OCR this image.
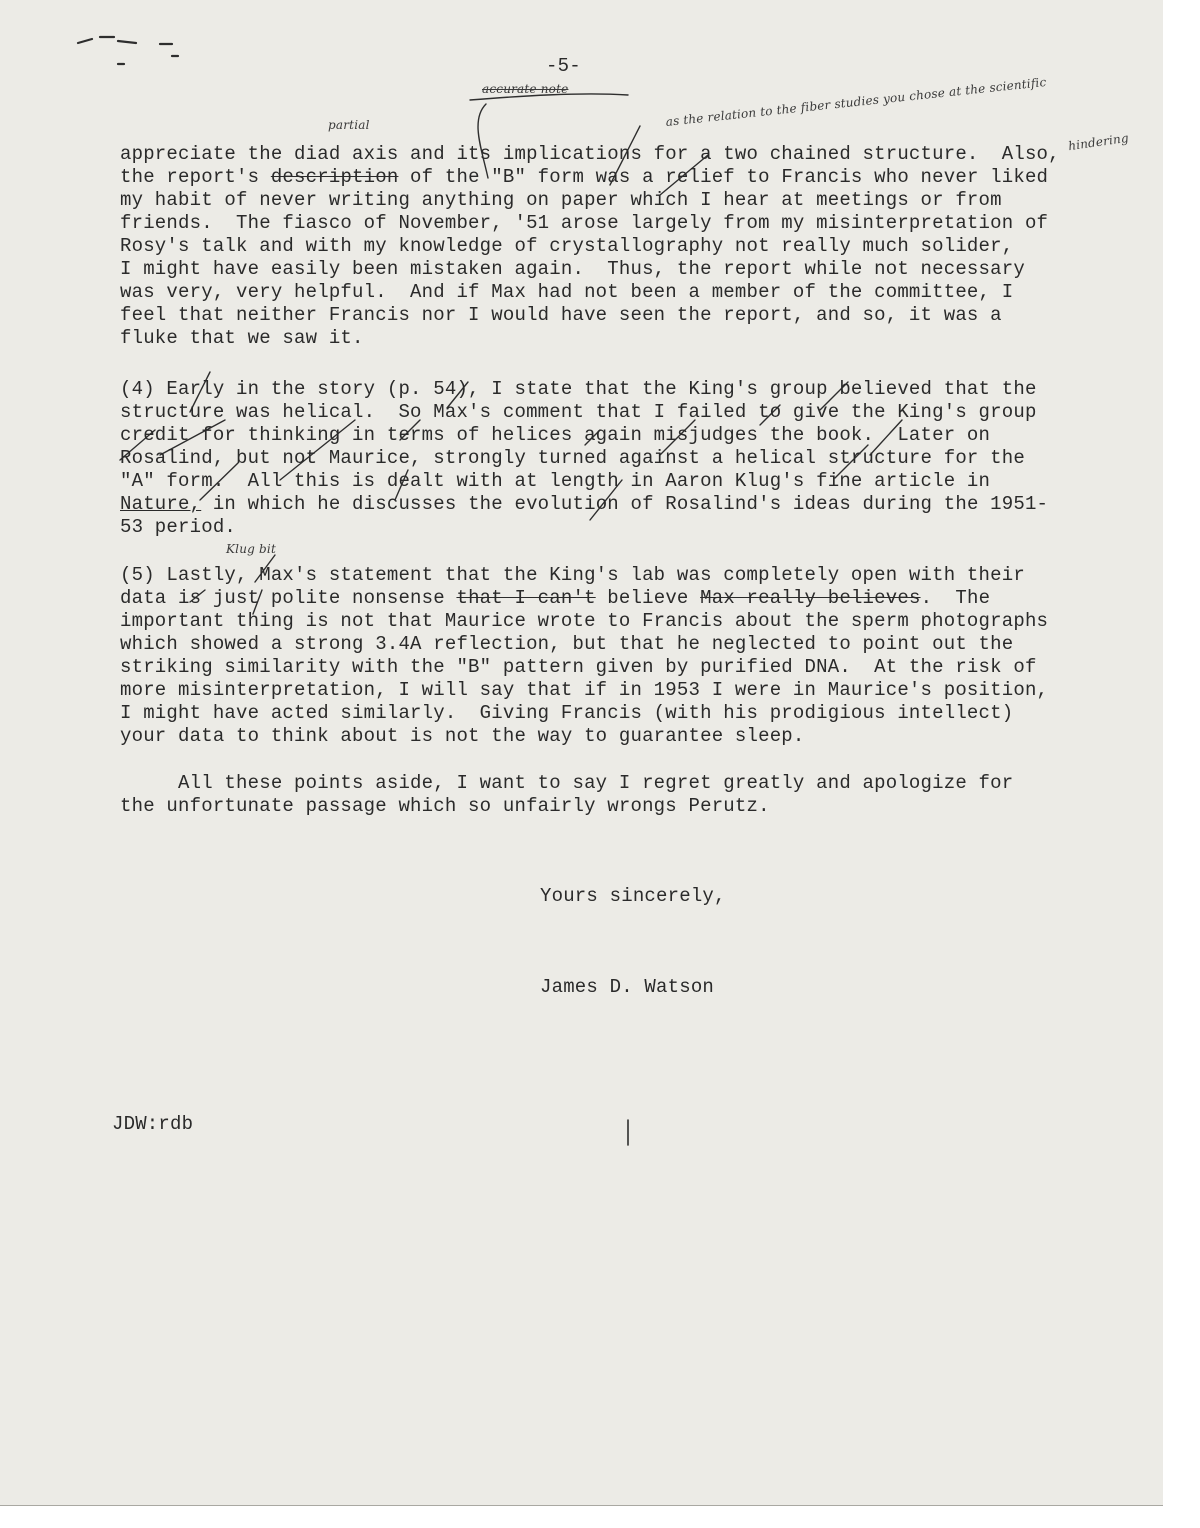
-5-
partial
accurate note	as the relation to the fiber studies you chose at the scientific
hindering
Klug bit
appreciate the diad axis and its implications for a two chained structure.  Also,
the report's description of the "B" form was a relief to Francis who never liked
my habit of never writing anything on paper which I hear at meetings or from
friends.  The fiasco of November, '51 arose largely from my misinterpretation of
Rosy's talk and with my knowledge of crystallography not really much solider,
I might have easily been mistaken again.  Thus, the report while not necessary
was very, very helpful.  And if Max had not been a member of the committee, I
feel that neither Francis nor I would have seen the report, and so, it was a
fluke that we saw it.
(4) Early in the story (p. 54), I state that the King's group believed that the
structure was helical.  So Max's comment that I failed to give the King's group
credit for thinking in terms of helices again misjudges the book.  Later on
Rosalind, but not Maurice, strongly turned against a helical structure for the
"A" form.  All this is dealt with at length in Aaron Klug's fine article in
Nature, in which he discusses the evolution of Rosalind's ideas during the 1951-
53 period.
(5) Lastly, Max's statement that the King's lab was completely open with their
data is just polite nonsense that I can't believe Max really believes.  The
important thing is not that Maurice wrote to Francis about the sperm photographs
which showed a strong 3.4A reflection, but that he neglected to point out the
striking similarity with the "B" pattern given by purified DNA.  At the risk of
more misinterpretation, I will say that if in 1953 I were in Maurice's position,
I might have acted similarly.  Giving Francis (with his prodigious intellect)
your data to think about is not the way to guarantee sleep.
All these points aside, I want to say I regret greatly and apologize for
the unfortunate passage which so unfairly wrongs Perutz.
Yours sincerely,
James D. Watson
JDW:rdb
